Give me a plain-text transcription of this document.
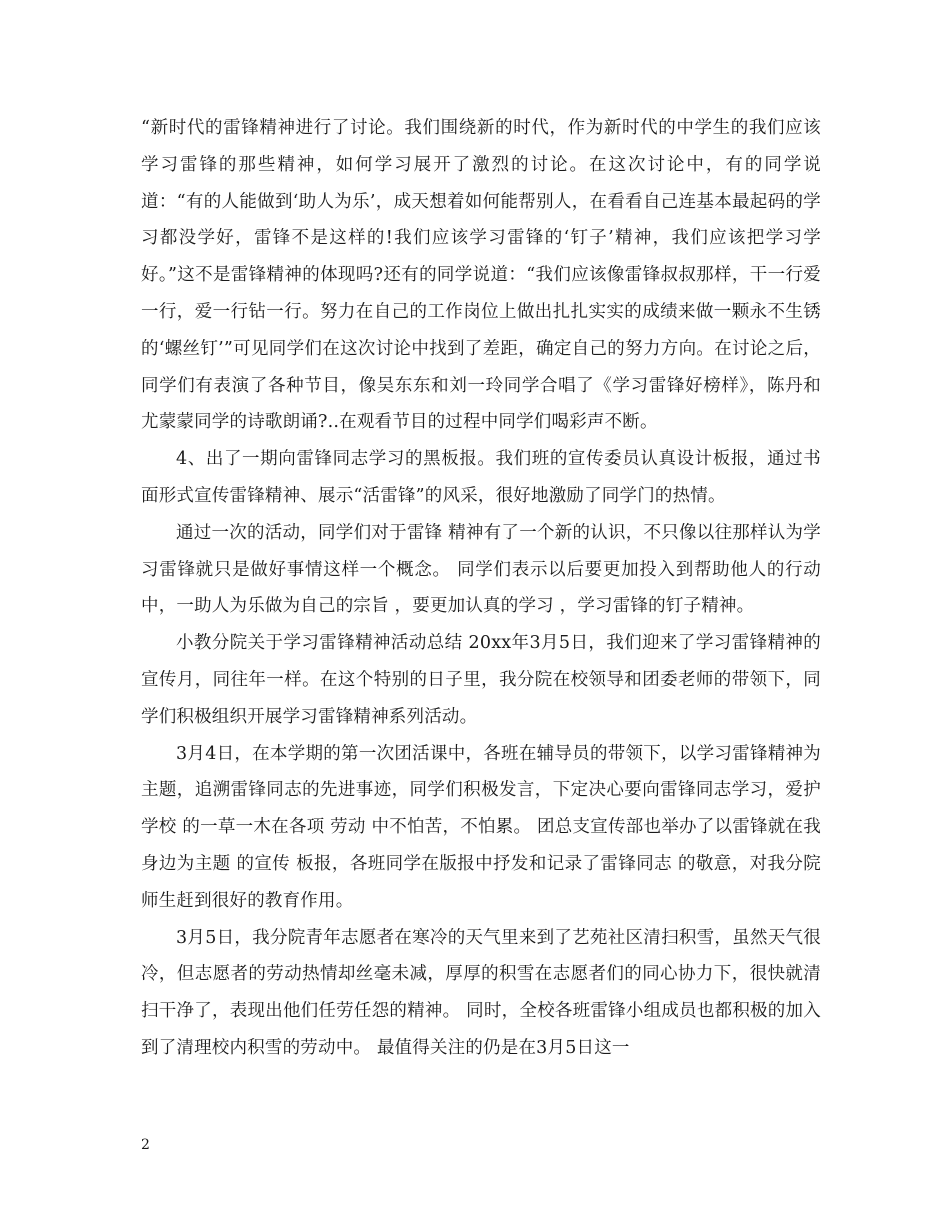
“新时代的雷锋精神进行了讨论。我们围绕新的时代，作为新时代的中学生的我们应该学习雷锋的那些精神，如何学习展开了激烈的讨论。在这次讨论中，有的同学说道：“有的人能做到‘助人为乐’，成天想着如何能帮别人，在看看自己连基本最起码的学习都没学好，雷锋不是这样的!我们应该学习雷锋的‘钉子’精神，我们应该把学习学好。”这不是雷锋精神的体现吗?还有的同学说道：“我们应该像雷锋叔叔那样，干一行爱一行，爱一行钻一行。努力在自己的工作岗位上做出扎扎实实的成绩来做一颗永不生锈的‘螺丝钉’”可见同学们在这次讨论中找到了差距，确定自己的努力方向。在讨论之后，同学们有表演了各种节目，像吴东东和刘一玲同学合唱了《学习雷锋好榜样》，陈丹和尤蒙蒙同学的诗歌朗诵?..在观看节目的过程中同学们喝彩声不断。

4、出了一期向雷锋同志学习的黑板报。我们班的宣传委员认真设计板报，通过书面形式宣传雷锋精神、展示“活雷锋”的风采，很好地激励了同学门的热情。

通过一次的活动，同学们对于雷锋 精神有了一个新的认识，不只像以往那样认为学习雷锋就只是做好事情这样一个概念。 同学们表示以后要更加投入到帮助他人的行动中，一助人为乐做为自己的宗旨 ，要更加认真的学习 ，学习雷锋的钉子精神。

小教分院关于学习雷锋精神活动总结 20xx年3月5日，我们迎来了学习雷锋精神的宣传月，同往年一样。在这个特别的日子里，我分院在校领导和团委老师的带领下，同学们积极组织开展学习雷锋精神系列活动。

3月4日，在本学期的第一次团活课中，各班在辅导员的带领下，以学习雷锋精神为主题，追溯雷锋同志的先进事迹，同学们积极发言，下定决心要向雷锋同志学习，爱护学校 的一草一木在各项 劳动 中不怕苦，不怕累。 团总支宣传部也举办了以雷锋就在我身边为主题 的宣传 板报，各班同学在版报中抒发和记录了雷锋同志 的敬意，对我分院师生赶到很好的教育作用。

3月5日，我分院青年志愿者在寒冷的天气里来到了艺苑社区清扫积雪，虽然天气很冷，但志愿者的劳动热情却丝毫未减，厚厚的积雪在志愿者们的同心协力下，很快就清扫干净了，表现出他们任劳任怨的精神。 同时，全校各班雷锋小组成员也都积极的加入到了清理校内积雪的劳动中。 最值得关注的仍是在3月5日这一

2
